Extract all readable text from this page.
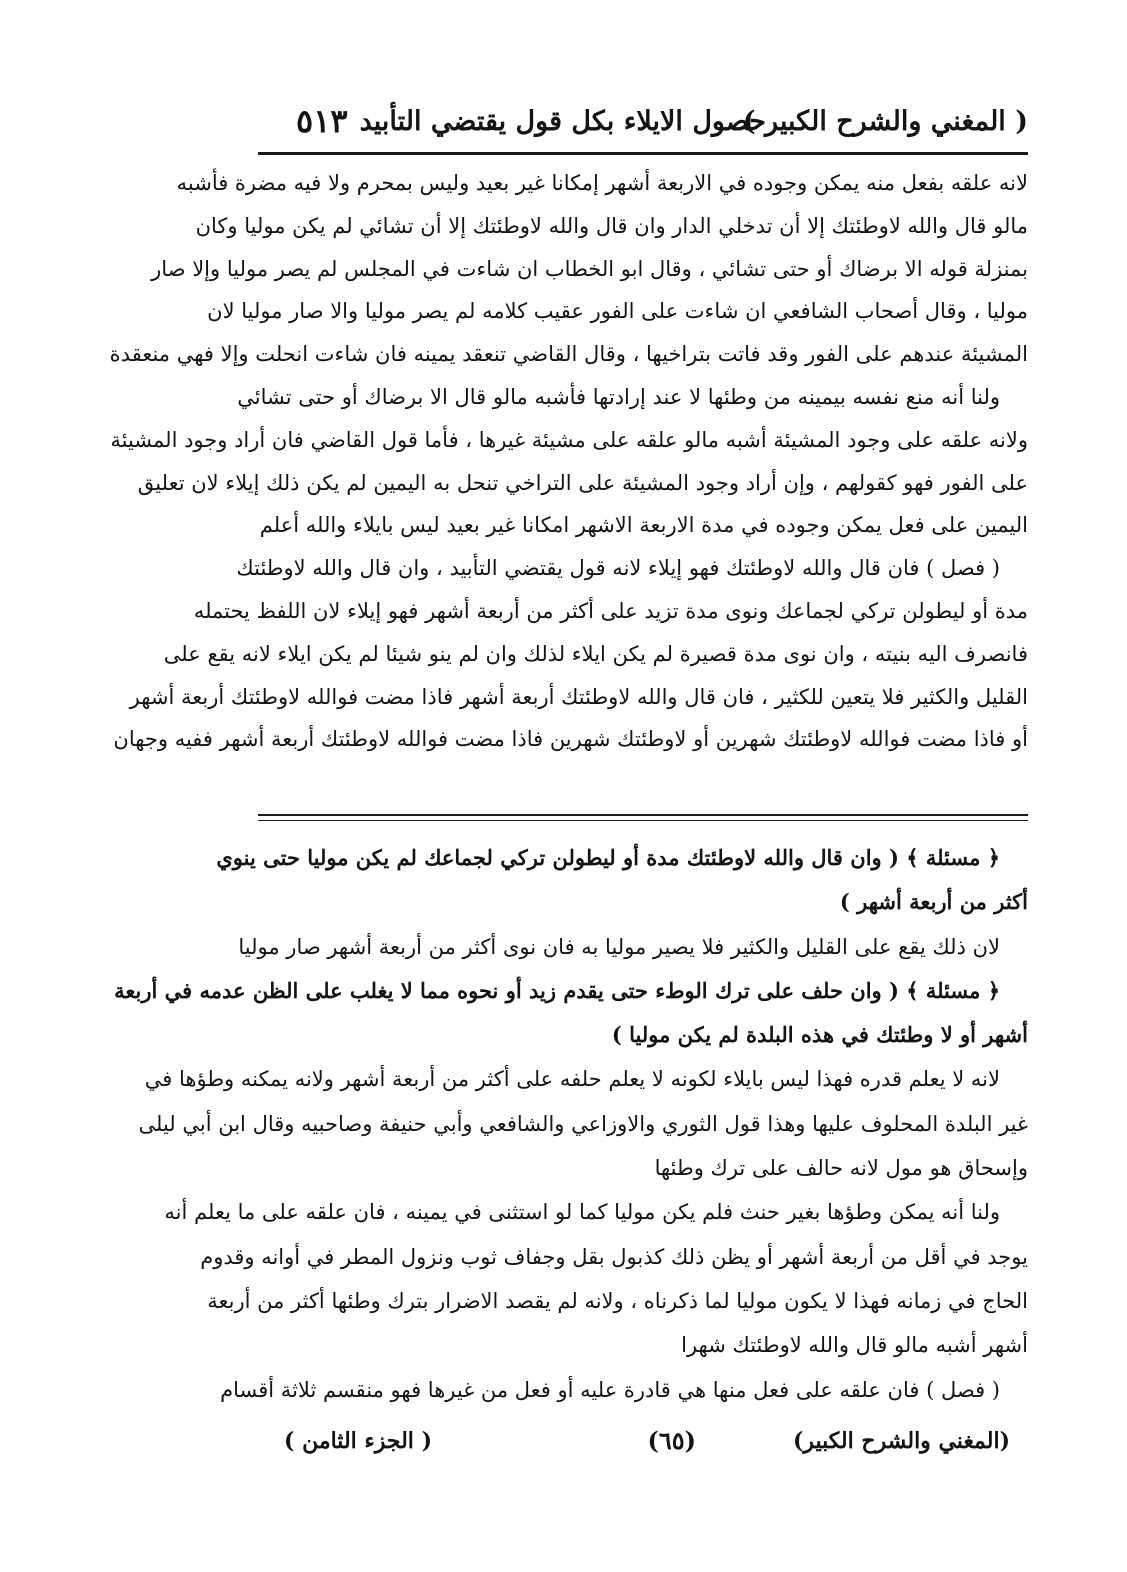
( المغني والشرح الكبير )
حصول الايلاء بكل قول يقتضي التأبيد
٥١٣
لانه علقه بفعل منه يمكن وجوده في الاربعة أشهر إمكانا غير بعيد وليس بمحرم ولا فيه مضرة فأشبه
مالو قال والله لاوطئتك إلا أن تدخلي الدار وان قال والله لاوطئتك إلا أن تشائي لم يكن موليا وكان
بمنزلة قوله الا برضاك أو حتى تشائي ، وقال ابو الخطاب ان شاءت في المجلس لم يصر موليا وإلا صار
موليا ، وقال أصحاب الشافعي ان شاءت على الفور عقيب كلامه لم يصر موليا والا صار موليا لان
المشيئة عندهم على الفور وقد فاتت بتراخيها ، وقال القاضي تنعقد يمينه فان شاءت انحلت وإلا فهي منعقدة
ولنا أنه منع نفسه بيمينه من وطئها لا عند إرادتها فأشبه مالو قال الا برضاك أو حتى تشائي
ولانه علقه على وجود المشيئة أشبه مالو علقه على مشيئة غيرها ، فأما قول القاضي فان أراد وجود المشيئة
على الفور فهو كقولهم ، وإن أراد وجود المشيئة على التراخي تنحل به اليمين لم يكن ذلك إيلاء لان تعليق
اليمين على فعل يمكن وجوده في مدة الاربعة الاشهر امكانا غير بعيد ليس بايلاء والله أعلم
( فصل ) فان قال والله لاوطئتك فهو إيلاء لانه قول يقتضي التأبيد ، وان قال والله لاوطئتك
مدة أو ليطولن تركي لجماعك ونوى مدة تزيد على أكثر من أربعة أشهر فهو إيلاء لان اللفظ يحتمله
فانصرف اليه بنيته ، وان نوى مدة قصيرة لم يكن ايلاء لذلك وان لم ينو شيئا لم يكن ايلاء لانه يقع على
القليل والكثير فلا يتعين للكثير ، فان قال والله لاوطئتك أربعة أشهر فاذا مضت فوالله لاوطئتك أربعة أشهر
أو فاذا مضت فوالله لاوطئتك شهرين أو لاوطئتك شهرين فاذا مضت فوالله لاوطئتك أربعة أشهر ففيه وجهان
﴿ مسئلة ﴾ ( وان قال والله لاوطئتك مدة أو ليطولن تركي لجماعك لم يكن موليا حتى ينوي
أكثر من أربعة أشهر )
لان ذلك يقع على القليل والكثير فلا يصير موليا به فان نوى أكثر من أربعة أشهر صار موليا
﴿ مسئلة ﴾ ( وان حلف على ترك الوطء حتى يقدم زيد أو نحوه مما لا يغلب على الظن عدمه في أربعة
أشهر أو لا وطئتك في هذه البلدة لم يكن موليا )
لانه لا يعلم قدره فهذا ليس بايلاء لكونه لا يعلم حلفه على أكثر من أربعة أشهر ولانه يمكنه وطؤها في
غير البلدة المحلوف عليها وهذا قول الثوري والاوزاعي والشافعي وأبي حنيفة وصاحبيه وقال ابن أبي ليلى
وإسحاق هو مول لانه حالف على ترك وطئها
ولنا أنه يمكن وطؤها بغير حنث فلم يكن موليا كما لو استثنى في يمينه ، فان علقه على ما يعلم أنه
يوجد في أقل من أربعة أشهر أو يظن ذلك كذبول بقل وجفاف ثوب ونزول المطر في أوانه وقدوم
الحاج في زمانه فهذا لا يكون موليا لما ذكرناه ، ولانه لم يقصد الاضرار بترك وطئها أكثر من أربعة
أشهر أشبه مالو قال والله لاوطئتك شهرا
( فصل ) فان علقه على فعل منها هي قادرة عليه أو فعل من غيرها فهو منقسم ثلاثة أقسام
(المغني والشرح الكبير)
(٦٥)
( الجزء الثامن )
